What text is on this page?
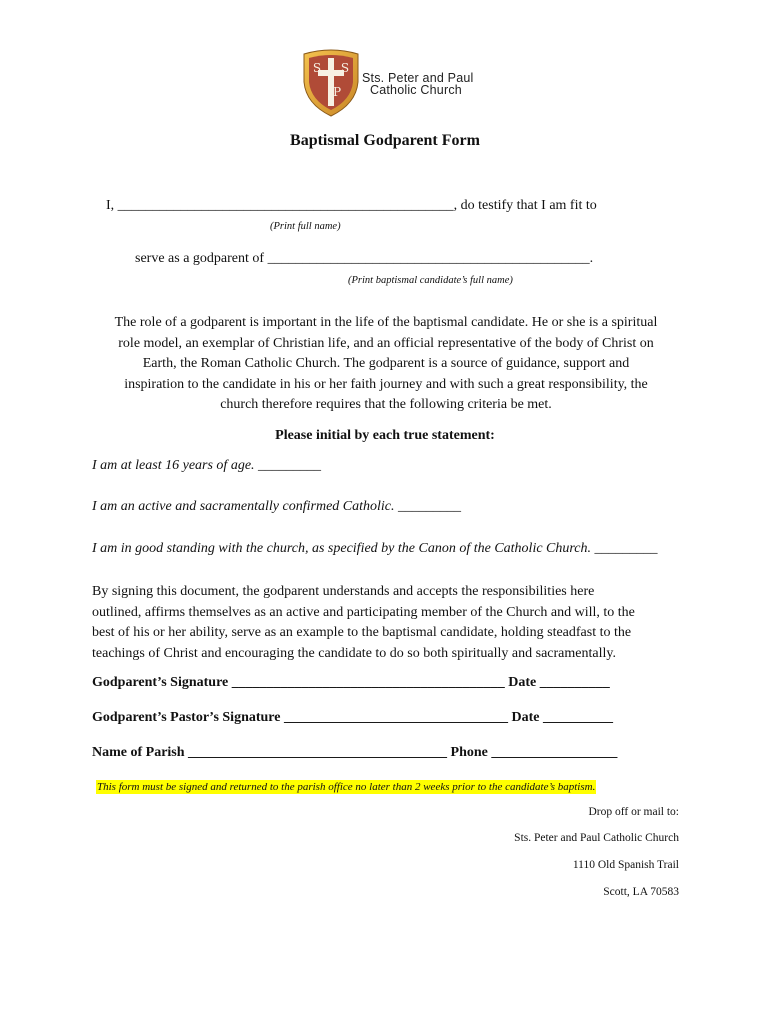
S S
P
Sts. Peter and Paul
Catholic Church
Baptismal Godparent Form
I, ________________________________________________, do testify that I am fit to
(Print full name)
serve as a godparent of ______________________________________________.
(Print baptismal candidate’s full name)
The role of a godparent is important in the life of the baptismal candidate. He or she is a spiritual
role model, an exemplar of Christian life, and an official representative of the body of Christ on
Earth, the Roman Catholic Church. The godparent is a source of guidance, support and
inspiration to the candidate in his or her faith journey and with such a great responsibility, the
church therefore requires that the following criteria be met.
Please initial by each true statement:
I am at least 16 years of age. _________
I am an active and sacramentally confirmed Catholic. _________
I am in good standing with the church, as specified by the Canon of the Catholic Church. _________
By signing this document, the godparent understands and accepts the responsibilities here
outlined, affirms themselves as an active and participating member of the Church and will, to the
best of his or her ability, serve as an example to the baptismal candidate, holding steadfast to the
teachings of Christ and encouraging the candidate to do so both spiritually and sacramentally.
Godparent’s Signature _______________________________________ Date __________
Godparent’s Pastor’s Signature ________________________________ Date __________
Name of Parish _____________________________________ Phone __________________
This form must be signed and returned to the parish office no later than 2 weeks prior to the candidate’s baptism.
Drop off or mail to:
Sts. Peter and Paul Catholic Church
1110 Old Spanish Trail
Scott, LA 70583
